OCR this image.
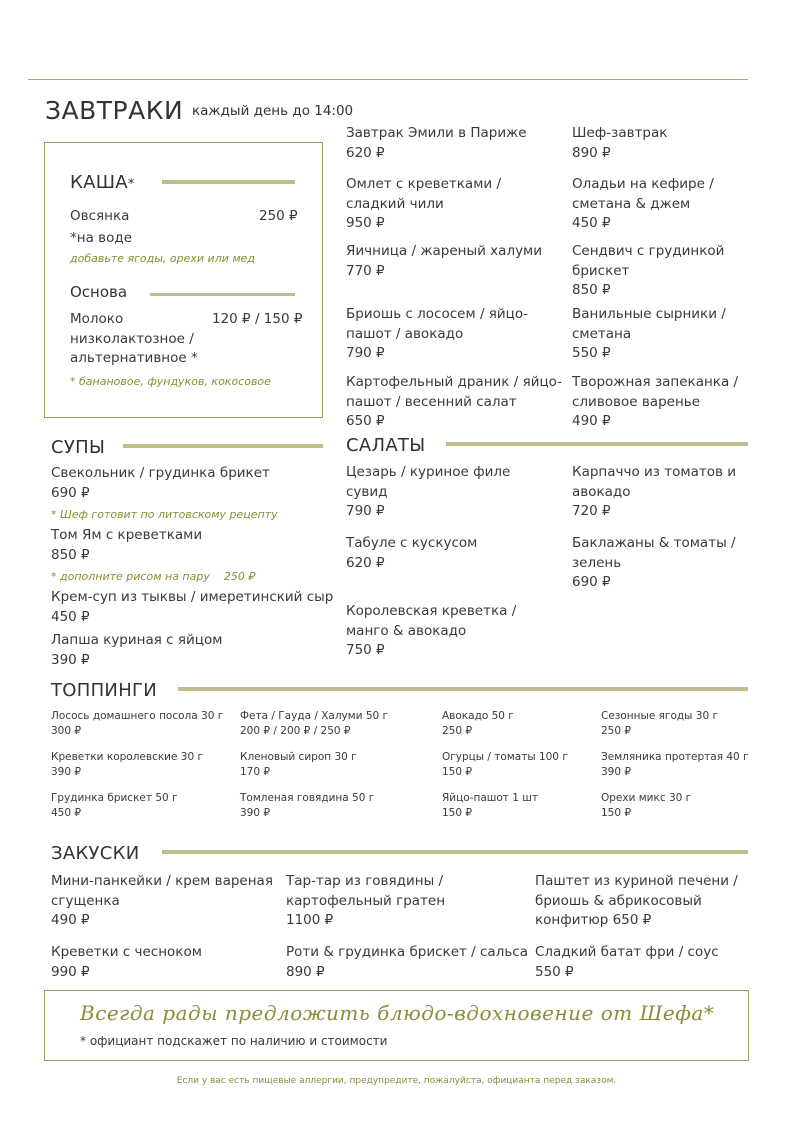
ЗАВТРАКИ каждый день до 14:00
КАША*
Овсянка	250 ₽
*на воде
добавьте ягоды, орехи или мед
Основа
Молоко
низколактозное /
альтернативное *
120 ₽ / 150 ₽
* банановое, фундуков, кокосовое
Завтрак Эмили в Париже
620 ₽
Шеф-завтрак
890 ₽
Омлет с креветками /
сладкий чили
950 ₽
Оладьи на кефире /
сметана & джем
450 ₽
Яичница / жареный халуми
770 ₽
Сендвич с грудинкой
брискет
850 ₽
Бриошь с лососем / яйцо-
пашот / авокадо
790 ₽
Ванильные сырники /
сметана
550 ₽
Картофельный драник / яйцо-
пашот / весенний салат
650 ₽
Творожная запеканка /
сливовое варенье
490 ₽
СУПЫ
Свекольник / грудинка брикет
690 ₽
* Шеф готовит по литовскому рецепту
Том Ям с креветками
850 ₽
* дополните рисом на пару 250 ₽
Крем-суп из тыквы / имеретинский сыр
450 ₽
Лапша куриная с яйцом
390 ₽
САЛАТЫ
Цезарь / куриное филе
сувид
790 ₽
Карпаччо из томатов и
авокадо
720 ₽
Табуле с кускусом
620 ₽
Баклажаны & томаты /
зелень
690 ₽
Королевская креветка /
манго & авокадо
750 ₽
ТОППИНГИ
Лосось домашнего посола 30 г
300 ₽
Фета / Гауда / Халуми 50 г
200 ₽ / 200 ₽ / 250 ₽
Авокадо 50 г
250 ₽
Сезонные ягоды 30 г
250 ₽
Креветки королевские 30 г
390 ₽
Кленовый сироп 30 г
170 ₽
Огурцы / томаты 100 г
150 ₽
Земляника протертая 40 г
390 ₽
Грудинка брискет 50 г
450 ₽
Томленая говядина 50 г
390 ₽
Яйцо-пашот 1 шт
150 ₽
Орехи микс 30 г
150 ₽
ЗАКУСКИ
Мини-панкейки / крем вареная
сгущенка
490 ₽
Тар-тар из говядины /
картофельный гратен
1100 ₽
Паштет из куриной печени /
бриошь & абрикосовый
конфитюр 650 ₽
Креветки с чесноком
990 ₽
Роти & грудинка брискет / сальса
890 ₽
Сладкий батат фри / соус
550 ₽
Всегда рады предложить блюдо-вдохновение от Шефа*
* официант подскажет по наличию и стоимости
Если у вас есть пищевые аллергии, предупредите, пожалуйста, официанта перед заказом.
